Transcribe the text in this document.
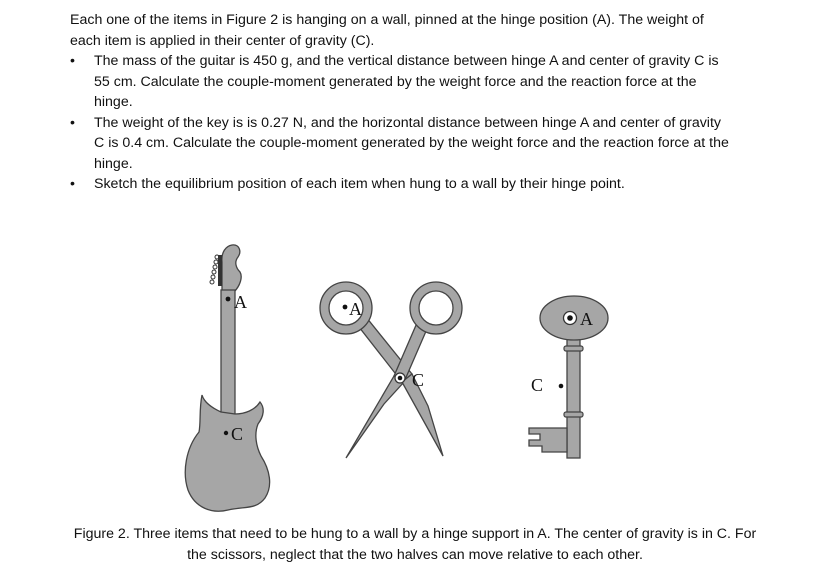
Each one of the items in Figure 2 is hanging on a wall, pinned at the hinge position (A). The weight of each item is applied in their center of gravity (C).

• The mass of the guitar is 450 g, and the vertical distance between hinge A and center of gravity C is 55 cm. Calculate the couple-moment generated by the weight force and the reaction force at the hinge.
• The weight of the key is is 0.27 N, and the horizontal distance between hinge A and center of gravity C is 0.4 cm. Calculate the couple-moment generated by the weight force and the reaction force at the hinge.
• Sketch the equilibrium position of each item when hung to a wall by their hinge point.
A
C
A
C
A
C
Figure 2. Three items that need to be hung to a wall by a hinge support in A. The center of gravity is in C. For the scissors, neglect that the two halves can move relative to each other.
